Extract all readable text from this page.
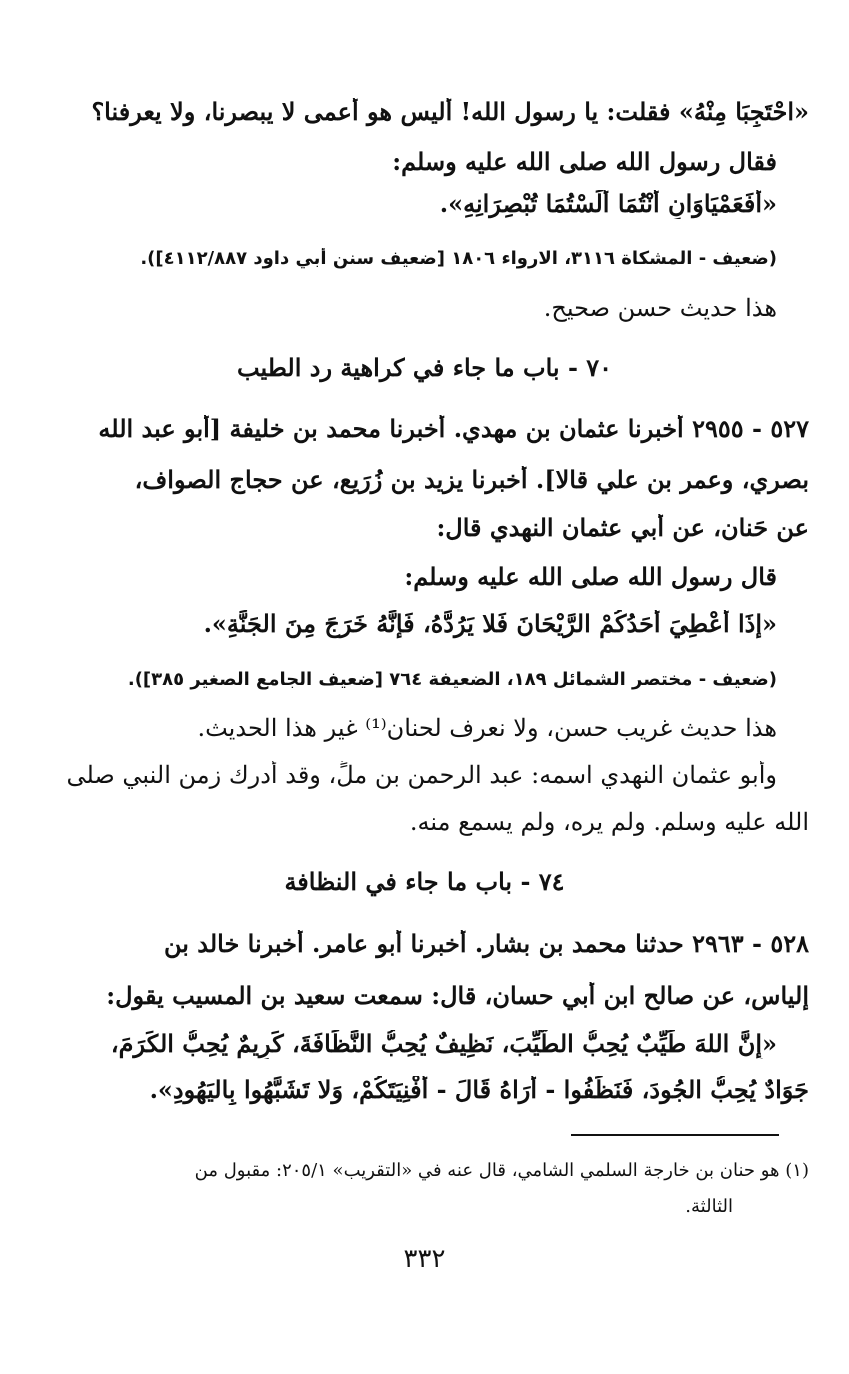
«احْتَجِبَا مِنْهُ» فقلت: يا رسول الله! أليس هو أعمى لا يبصرنا، ولا يعرفنا؟
فقال رسول الله صلى الله عليه وسلم:
«أَفَعَمْيَاوَانِ أَنْتُمَا أَلَسْتُمَا تُبْصِرَانِهِ».
(ضعيف - المشكاة ٣١١٦، الارواء ١٨٠٦ [ضعيف سنن أبي داود ٤١١٢/٨٨٧]).
هذا حديث حسن صحيح.
٧٠ - باب ما جاء في كراهية رد الطيب
٥٢٧ - ٢٩٥٥ أخبرنا عثمان بن مهدي. أخبرنا محمد بن خليفة [أبو عبد الله
بصري، وعمر بن علي قالا]. أخبرنا يزيد بن زُرَيع، عن حجاج الصواف،
عن حَنان، عن أبي عثمان النهدي قال:
قال رسول الله صلى الله عليه وسلم:
«إذَا أُعْطِيَ أَحَدُكُمْ الرَّيْحَانَ فَلا يَرُدَّهُ، فَإِنَّهُ خَرَجَ مِنَ الجَنَّةِ».
(ضعيف - مختصر الشمائل ١٨٩، الضعيفة ٧٦٤ [ضعيف الجامع الصغير ٣٨٥]).
هذا حديث غريب حسن، ولا نعرف لحنان⁽¹⁾ غير هذا الحديث.
وأبو عثمان النهدي اسمه: عبد الرحمن بن ملٍّ، وقد أدرك زمن النبي صلى
الله عليه وسلم. ولم يره، ولم يسمع منه.
٧٤ - باب ما جاء في النظافة
٥٢٨ - ٢٩٦٣ حدثنا محمد بن بشار. أخبرنا أبو عامر. أخبرنا خالد بن
إلياس، عن صالح ابن أبي حسان، قال: سمعت سعيد بن المسيب يقول:
«إِنَّ اللهَ طَيِّبٌ يُحِبُّ الطَّيِّبَ، نَظِيفٌ يُحِبُّ النَّظَافَةَ، كَرِيمٌ يُحِبُّ الكَرَمَ،
جَوَادٌ يُحِبُّ الجُودَ، فَنَظِّفُوا - أُرَاهُ قَالَ - أَفْنِيَتَكُمْ، وَلا تَشَبَّهُوا بِاليَهُودِ».
(١) هو حنان بن خارجة السلمي الشامي، قال عنه في «التقريب» ٢٠٥/١: مقبول من
الثالثة.
٣٣٢
